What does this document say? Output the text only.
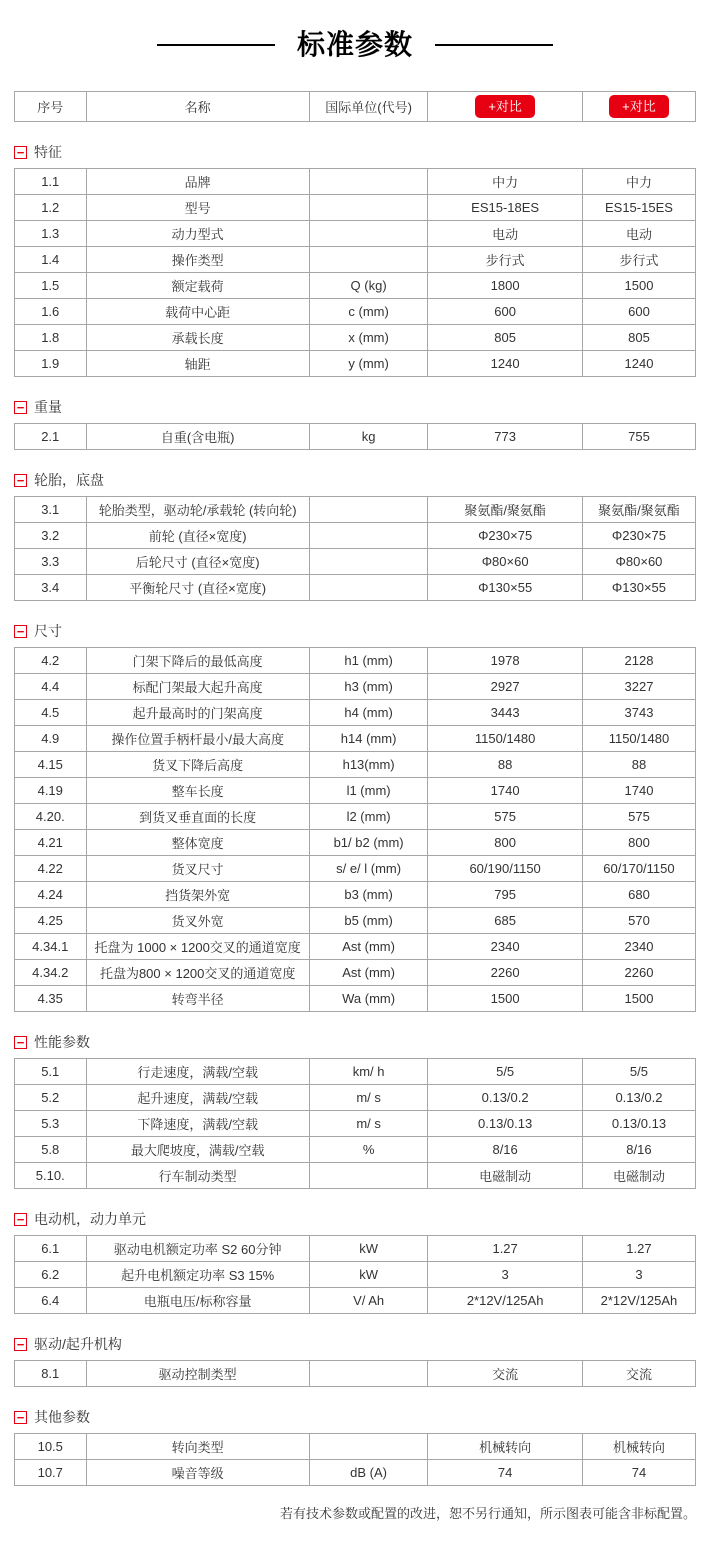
标准参数
序号	名称	国际单位(代号)	+对比	+对比
− 特征
1.1	品牌		中力	中力
1.2	型号		ES15-18ES	ES15-15ES
1.3	动力型式		电动	电动
1.4	操作类型		步行式	步行式
1.5	额定载荷	Q (kg)	1800	1500
1.6	载荷中心距	c (mm)	600	600
1.8	承载长度	x (mm)	805	805
1.9	轴距	y (mm)	1240	1240
− 重量
2.1	自重(含电瓶)	kg	773	755
− 轮胎，底盘
3.1	轮胎类型，驱动轮/承载轮 (转向轮)		聚氨酯/聚氨酯	聚氨酯/聚氨酯
3.2	前轮 (直径×宽度)		Φ230×75	Φ230×75
3.3	后轮尺寸 (直径×宽度)		Φ80×60	Φ80×60
3.4	平衡轮尺寸 (直径×宽度)		Φ130×55	Φ130×55
− 尺寸
4.2	门架下降后的最低高度	h1 (mm)	1978	2128
4.4	标配门架最大起升高度	h3 (mm)	2927	3227
4.5	起升最高时的门架高度	h4 (mm)	3443	3743
4.9	操作位置手柄杆最小/最大高度	h14 (mm)	1150/1480	1150/1480
4.15	货叉下降后高度	h13(mm)	88	88
4.19	整车长度	l1 (mm)	1740	1740
4.20.	到货叉垂直面的长度	l2 (mm)	575	575
4.21	整体宽度	b1/ b2 (mm)	800	800
4.22	货叉尺寸	s/ e/ l (mm)	60/190/1150	60/170/1150
4.24	挡货架外宽	b3 (mm)	795	680
4.25	货叉外宽	b5 (mm)	685	570
4.34.1	托盘为 1000 × 1200交叉的通道宽度	Ast (mm)	2340	2340
4.34.2	托盘为800 × 1200交叉的通道宽度	Ast (mm)	2260	2260
4.35	转弯半径	Wa (mm)	1500	1500
− 性能参数
5.1	行走速度，满载/空载	km/ h	5/5	5/5
5.2	起升速度，满载/空载	m/ s	0.13/0.2	0.13/0.2
5.3	下降速度，满载/空载	m/ s	0.13/0.13	0.13/0.13
5.8	最大爬坡度，满载/空载	%	8/16	8/16
5.10.	行车制动类型		电磁制动	电磁制动
− 电动机，动力单元
6.1	驱动电机额定功率 S2 60分钟	kW	1.27	1.27
6.2	起升电机额定功率 S3 15%	kW	3	3
6.4	电瓶电压/标称容量	V/ Ah	2*12V/125Ah	2*12V/125Ah
− 驱动/起升机构
8.1	驱动控制类型		交流	交流
− 其他参数
10.5	转向类型		机械转向	机械转向
10.7	噪音等级	dB (A)	74	74
若有技术参数或配置的改进，恕不另行通知，所示图表可能含非标配置。
